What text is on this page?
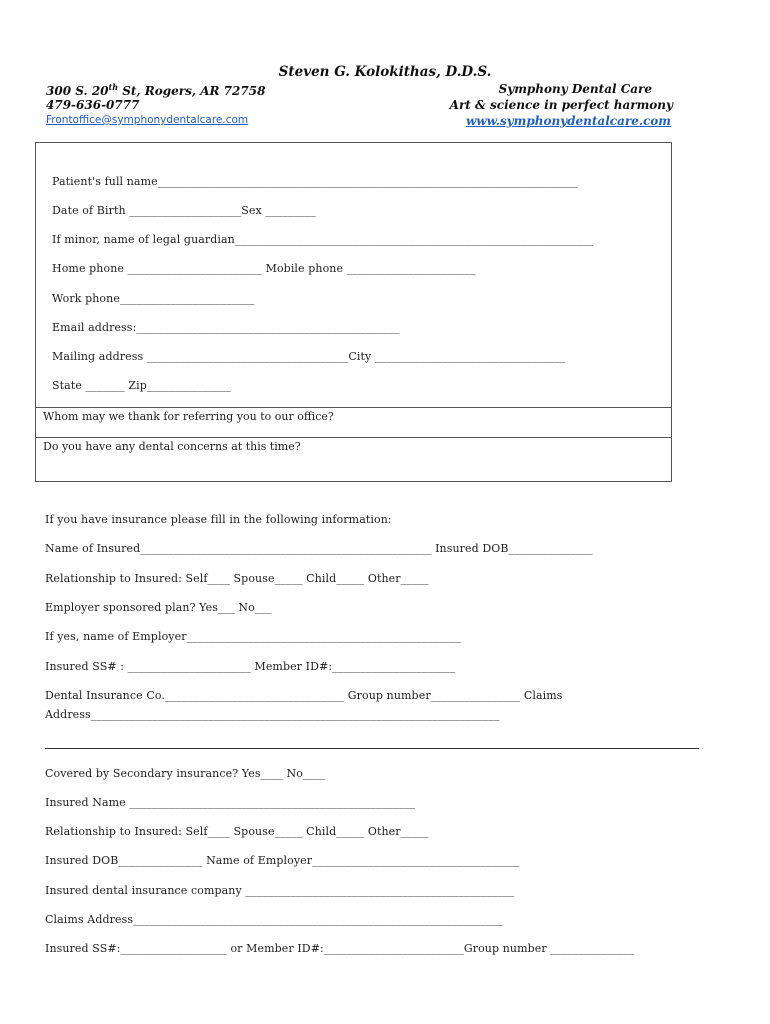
Steven G. Kolokithas, D.D.S.
300 S. 20th St, Rogers, AR 72758
479-636-0777
Frontoffice@symphonydentalcare.com
Symphony Dental Care
Art & science in perfect harmony
www.symphonydentalcare.com
Patient's full name___________________________________________________________________________
Date of Birth ____________________Sex _________
If minor, name of legal guardian________________________________________________________________
Home phone ________________________ Mobile phone _______________________
Work phone________________________
Email address:_______________________________________________
Mailing address ____________________________________City __________________________________
State _______ Zip_______________
Whom may we thank for referring you to our office?
Do you have any dental concerns at this time?
If you have insurance please fill in the following information:
Name of Insured____________________________________________________ Insured DOB_______________
Relationship to Insured: Self____ Spouse_____ Child_____ Other_____
Employer sponsored plan? Yes___ No___
If yes, name of Employer_________________________________________________
Insured SS# : ______________________ Member ID#:______________________
Dental Insurance Co.________________________________ Group number________________ Claims
Address_________________________________________________________________________
Covered by Secondary insurance? Yes____ No____
Insured Name ___________________________________________________
Relationship to Insured: Self____ Spouse_____ Child_____ Other_____
Insured DOB_______________ Name of Employer_____________________________________
Insured dental insurance company ________________________________________________
Claims Address__________________________________________________________________
Insured SS#:___________________ or Member ID#:_________________________Group number _______________
